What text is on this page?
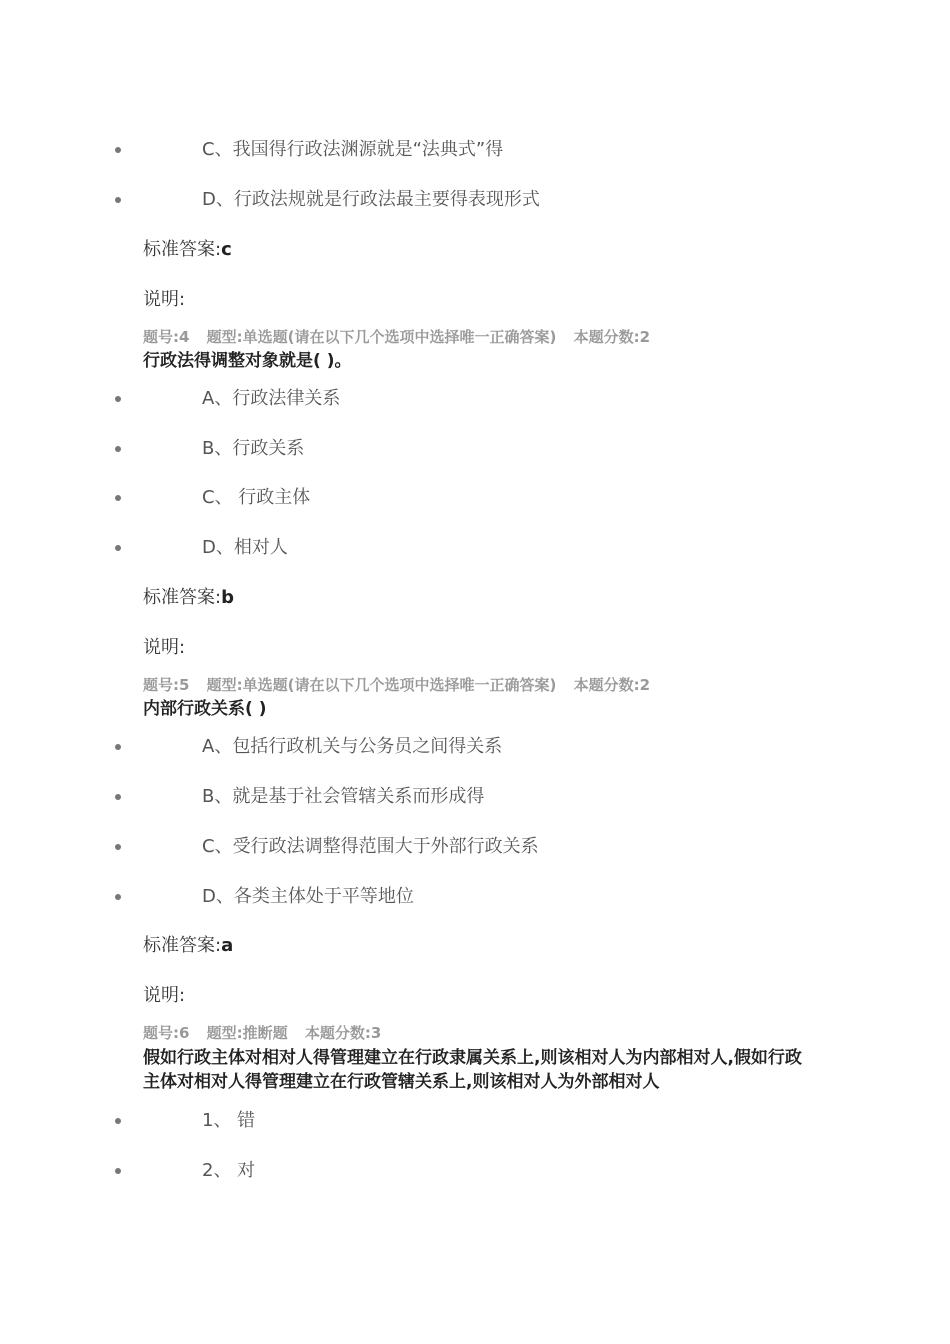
C、我国得行政法渊源就是“法典式”得
D、行政法规就是行政法最主要得表现形式
标准答案:c
说明:
题号:4 题型:单选题(请在以下几个选项中选择唯一正确答案) 本题分数:2
行政法得调整对象就是( )。
A、行政法律关系
B、行政关系
C、 行政主体
D、相对人
标准答案:b
说明:
题号:5 题型:单选题(请在以下几个选项中选择唯一正确答案) 本题分数:2
内部行政关系( )
A、包括行政机关与公务员之间得关系
B、就是基于社会管辖关系而形成得
C、受行政法调整得范围大于外部行政关系
D、各类主体处于平等地位
标准答案:a
说明:
题号:6 题型:推断题 本题分数:3
假如行政主体对相对人得管理建立在行政隶属关系上,则该相对人为内部相对人,假如行政主体对相对人得管理建立在行政管辖关系上,则该相对人为外部相对人
1、 错
2、 对
